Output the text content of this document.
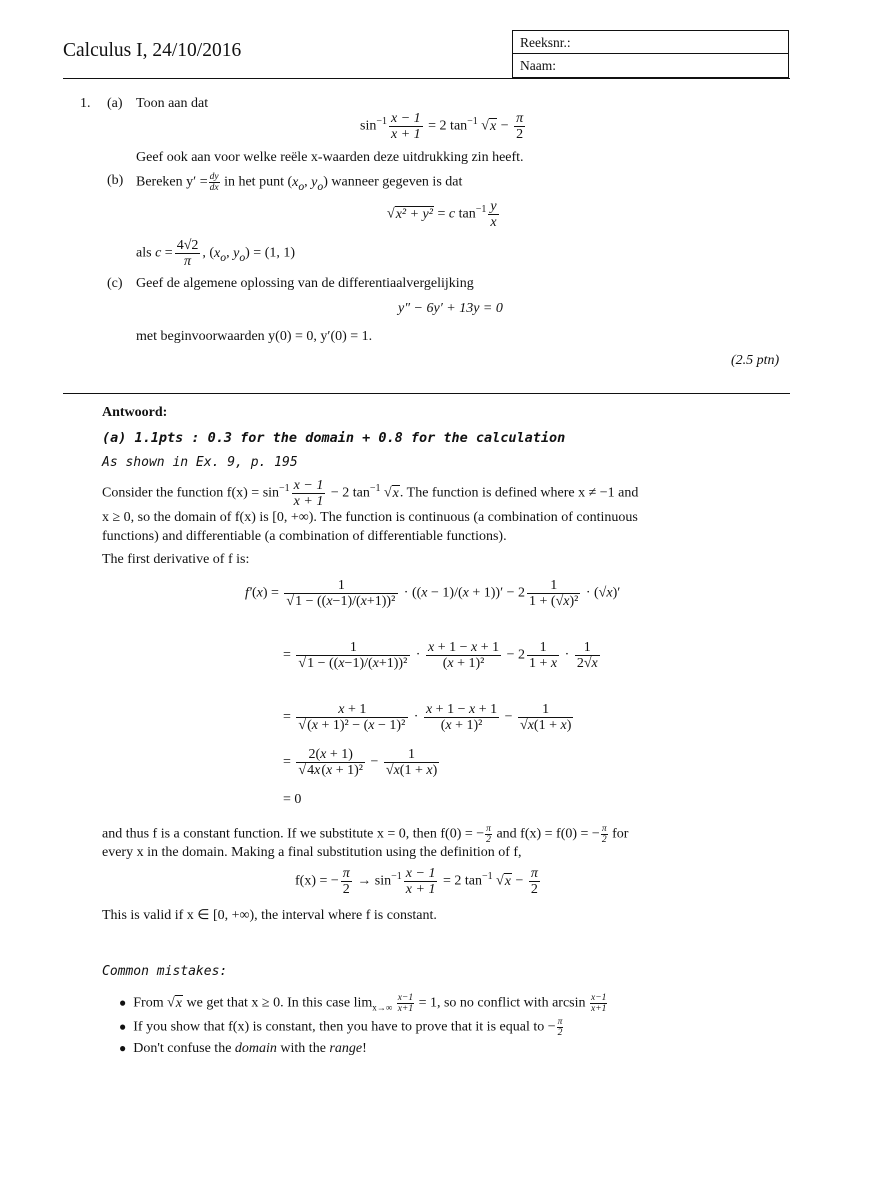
Calculus I, 24/10/2016	Reeksnr.:
Naam:
1. (a) Toon aan dat
$\sin^{-1} \frac{x - 1}{x + 1} = 2$ $\tan^{-1} √x - \frac{\pi}{2}$
Geef ook aan voor welke reële x-waarden deze uitdrukking zin heeft.
(b) Bereken $y' = \frac{dy}{dx}$ in het punt ($x_o$, $y_o$) wanneer gegeven is dat
√x² + y² = c $\tan^{-1} \frac{y}{x}$
als $c = \frac{4√2}{\pi}$ , ($x_o$, $y_o) = (1$, 1)
(c) Geef de algemene oplossing van de differentiaalvergelijking
y″ − 6y′ + 13y = 0
met beginvoorwaarden y(0) = 0, y′(0) = 1.
(2.5 ptn)
Antwoord:
(a) 1.1pts : 0.3 for the domain + 0.8 for the calculation
As shown in Ex. 9, p. 195
Consider the function $f(x) = \sin^{-1} \frac{x - 1}{x + 1} - 2$ $\tan^{-1} √x$. The function is defined where x ≠ −1 and
x ≥ 0, so the domain of f(x) is [0, +∞). The function is continuous (a combination of continuous
functions) and differentiable (a combination of differentiable functions).
The first derivative of f is:
$f'(x) = \frac{1}{\text{√1 − ((x−1)/(x+1))²}} \cdot ((x - 1)/(x + 1))' - 2 \frac{1}{\text{1 + (√x)²}} \cdot (√x)'$
= $\frac{1}{\text{√1 − ((x−1)/(x+1))²}} \cdot \frac{x + 1 - x + 1}{\text{(x + 1)²}} - 2 \frac{1}{1 + x} \cdot \frac{1}{2√x}$
= $\frac{x + 1}{\text{√(x + 1)² − (x − 1)²}} \cdot \frac{x + 1 - x + 1}{\text{(x + 1)²}} - \frac{1}{√x(1 + x)}$
= $\frac{2(x + 1)}{\text{√4x(x + 1)²}} - \frac{1}{√x(1 + x)}$
= 0
and thus f is a constant function. If we substitute x = 0, then f(0) = − $\frac{\pi}{2}$ and f(x) = f(0) = − $\frac{\pi}{2}$ for
every x in the domain. Making a final substitution using the definition of f,
f(x) = − $\frac{\pi}{2} \to \sin^{-1} \frac{x - 1}{x + 1} = 2$ $\tan^{-1} √x - \frac{\pi}{2}$
This is valid if x ∈ [0, +∞), the interval where f is constant.
Common mistakes:
● From √x we get that x ≥ 0. In this case $\lim_{x\to\infty} \frac{x-1}{x+1} = 1$, so no conflict with $\arcsin \frac{x-1}{x+1}$
● If you show that f(x) is constant, then you have to prove that it is equal to − $\frac{\pi}{2}$
● Don't confuse the domain with the range!
